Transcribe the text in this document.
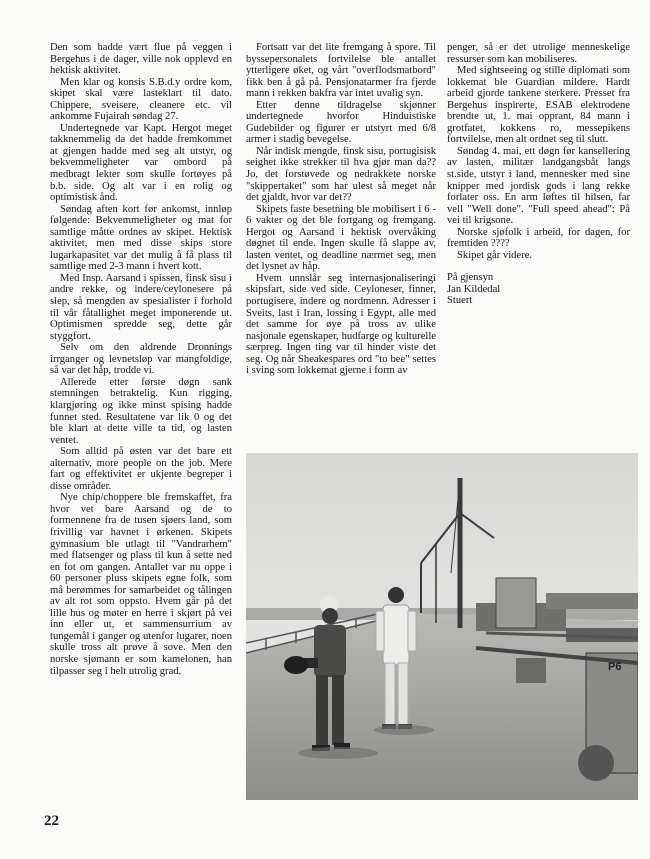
Den som hadde vært flue på veggen i Bergehus i de dager, ville nok opplevd en hektisk aktivitet.

Men klar og konsis S.B.d.y ordre kom, skipet skal være lasteklart til dato. Chippere, sveisere, cleanere etc. vil ankomme Fujairah søndag 27.

Undertegnede var Kapt. Hergot meget takknemmelig da det hadde fremkommet at gjengen hadde med seg alt utstyr, og bekvemmeligheter var ombord på medbragt lekter som skulle fortøyes på b.b. side. Og alt var i en rolig og optimistisk ånd.

Søndag aften kort før ankomst, innløp følgende: Bekvemmeligheter og mat for samtlige måtte ordnes av skipet. Hektisk aktivitet, men med disse skips store lugarkapasitet var det mulig å få plass til samtlige med 2-3 mann i hvert kott.

Med Insp. Aarsand i spissen, finsk sisu i andre rekke, og indere/ceylonesere på slep, så mengden av spesialister i forhold til vår fåtallighet meget imponerende ut. Optimismen spredde seg, dette går styggfort.

Selv om den aldrende Dronnings irrganger og levnetsløp var mangfoldige, så var det håp, trodde vi.

Allerede etter første døgn sank stemningen betraktelig. Kun rigging, klargjøring og ikke minst spising hadde funnet sted. Resultatene var lik 0 og det ble klart at dette ville ta tid, og lasten ventet.

Som alltid på østen var det bare ett alternativ, more people on the job. Mere fart og effektivitet er ukjente begreper i disse områder.

Nye chip/choppere ble fremskaffet, fra hvor vet bare Aarsand og de to formennene fra de tusen sjøers land, som frivillig var havnet i ørkenen. Skipets gymnasium ble utlagt til "Vandrarhem" med flatsenger og plass til kun å sette ned en fot om gangen. Antallet var nu oppe i 60 personer pluss skipets egne folk, som må berømmes for samarbeidet og tålingen av alt rot som oppsto. Hvem går på det lille hus og møter en herre i skjørt på vei inn eller ut, et sammensurrium av tungemål i ganger og utenfor lugarer, noen skulle tross alt prøve å sove. Men den norske sjømann er som kamelonen, han tilpasser seg i helt utrolig grad.

Fortsatt var det lite fremgang å spore. Til byssepersonalets fortvilelse ble antallet ytterligere øket, og vårt "overflodsmatbord" fikk ben å gå på. Pensjonatarmer fra fjerde mann i rekken bakfra var intet uvalig syn.

Etter denne tildragelse skjønner undertegnede hvorfor Hinduistiske Gudebilder og figurer er utstyrt med 6/8 armer i stadig bevegelse.

Når indisk mengde, finsk sisu, portugisisk seighet ikke strekker til hva gjør man da?? Jo, det forstøvede og nedrakkete norske "skippertaket" som har ulest så meget når det gjaldt, hvor var det??

Skipets faste besetning ble mobilisert i 6 - 6 vakter og det ble fortgang og fremgang. Hergot og Aarsand i hektisk overvåking døgnet til ende. Ingen skulle få slappe av, lasten ventet, og deadline nærmet seg, men det lysnet av håp.

Hvem unnslår seg internasjonaliseringi skipsfart, side ved side. Ceyloneser, finner, portugisere, indere og nordmenn. Adresser i Sveits, last i Iran, lossing i Egypt, alle med det samme for øye på tross av ulike nasjonale egenskaper, hudfarge og kulturelle særpreg. Ingen ting var til hinder viste det seg. Og når Sheakespares ord "to bee" settes i sving som lokkemat gjerne i form av

penger, så er det utrolige menneskelige ressurser som kan mobiliseres.

Med sightseeing og stille diplomati som lokkemat ble Guardian mildere. Hardt arbeid gjorde tankene sterkere. Presset fra Bergehus inspirerte, ESAB elektrodene brendte ut, 1. mai opprant, 84 mann i grotfatet, kokkens ro, messepikens fortvilelse, men alt ordnet seg til slutt.

Søndag 4. mai, ett døgn før kansellering av lasten, militær landgangsbåt langs st.side, utstyr i land, mennesker med sine knipper med jordisk gods i lang rekke forlater oss. En arm løftes til hilsen, far vell "Well done". "Full speed ahead": På vei til krigsone.

Norske sjøfolk i arbeid, for dagen, for fremtiden ????

Skipet går videre.

På gjensyn
Jan Kildedal
Stuert
P6
22
